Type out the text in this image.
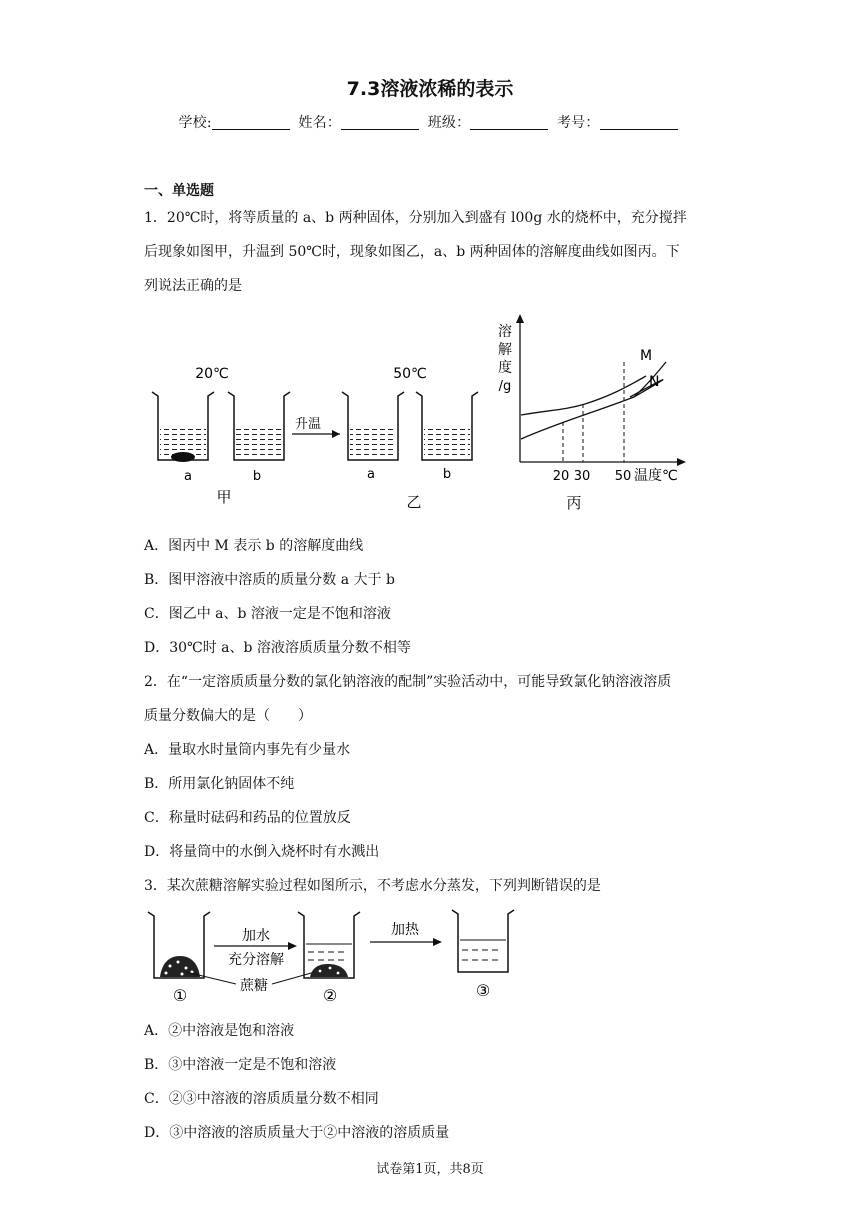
7.3溶液浓稀的表示
学校:	姓名：	班级：	考号：
一、单选题
1．20℃时，将等质量的 a、b 两种固体，分别加入到盛有 l00g 水的烧杯中，充分搅拌
后现象如图甲，升温到 50℃时，现象如图乙，a、b 两种固体的溶解度曲线如图丙。下
列说法正确的是
20℃	50℃
升温
a	b	a	b
甲	乙
溶
解
度
/g
M
N
20 30 50 温度℃
丙
A．图丙中 M 表示 b 的溶解度曲线
B．图甲溶液中溶质的质量分数 a 大于 b
C．图乙中 a、b 溶液一定是不饱和溶液
D．30℃时 a、b 溶液溶质质量分数不相等
2．在“一定溶质质量分数的氯化钠溶液的配制”实验活动中，可能导致氯化钠溶液溶质
质量分数偏大的是（　　）
A．量取水时量筒内事先有少量水
B．所用氯化钠固体不纯
C．称量时砝码和药品的位置放反
D．将量筒中的水倒入烧杯时有水溅出
3．某次蔗糖溶解实验过程如图所示，不考虑水分蒸发，下列判断错误的是
①
加水
充分溶解
蔗糖	②
加热
③
A．②中溶液是饱和溶液
B．③中溶液一定是不饱和溶液
C．②③中溶液的溶质质量分数不相同
D．③中溶液的溶质质量大于②中溶液的溶质质量
试卷第1页，共8页
